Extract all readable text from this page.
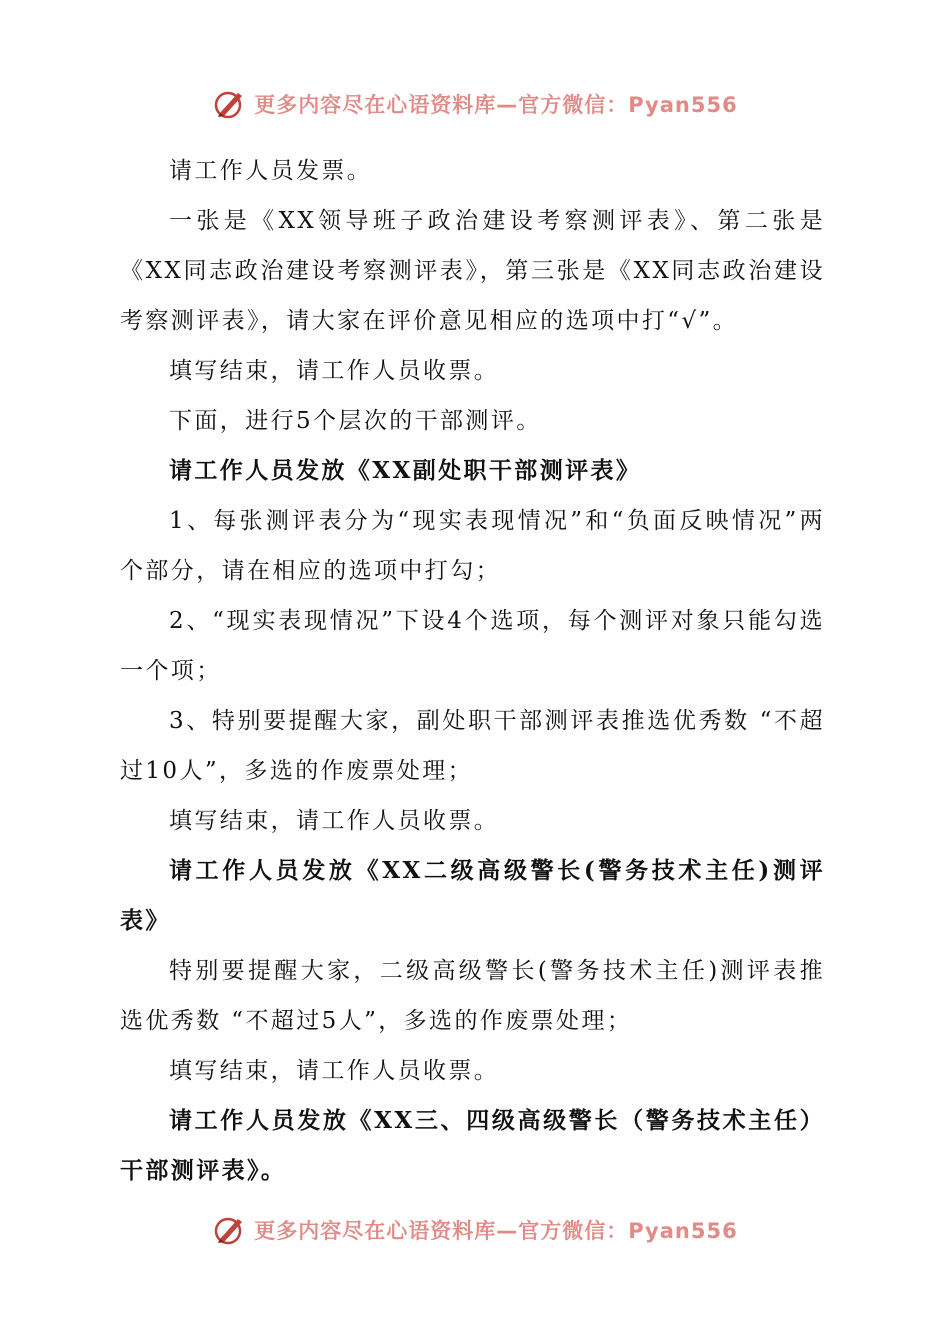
更多内容尽在心语资料库—官方微信：Pyan556

请工作人员发票。

一张是《XX领导班子政治建设考察测评表》、第二张是《XX同志政治建设考察测评表》，第三张是《XX同志政治建设考察测评表》，请大家在评价意见相应的选项中打“√”。

填写结束，请工作人员收票。

下面，进行5个层次的干部测评。

请工作人员发放《XX副处职干部测评表》

1、每张测评表分为“现实表现情况”和“负面反映情况”两个部分，请在相应的选项中打勾；

2、“现实表现情况”下设4个选项，每个测评对象只能勾选一个项；

3、特别要提醒大家，副处职干部测评表推选优秀数 “不超过10人”，多选的作废票处理；

填写结束，请工作人员收票。

请工作人员发放《XX二级高级警长(警务技术主任)测评表》

特别要提醒大家，二级高级警长(警务技术主任)测评表推选优秀数 “不超过5人”，多选的作废票处理；

填写结束，请工作人员收票。

请工作人员发放《XX三、四级高级警长（警务技术主任）干部测评表》。

更多内容尽在心语资料库—官方微信：Pyan556
